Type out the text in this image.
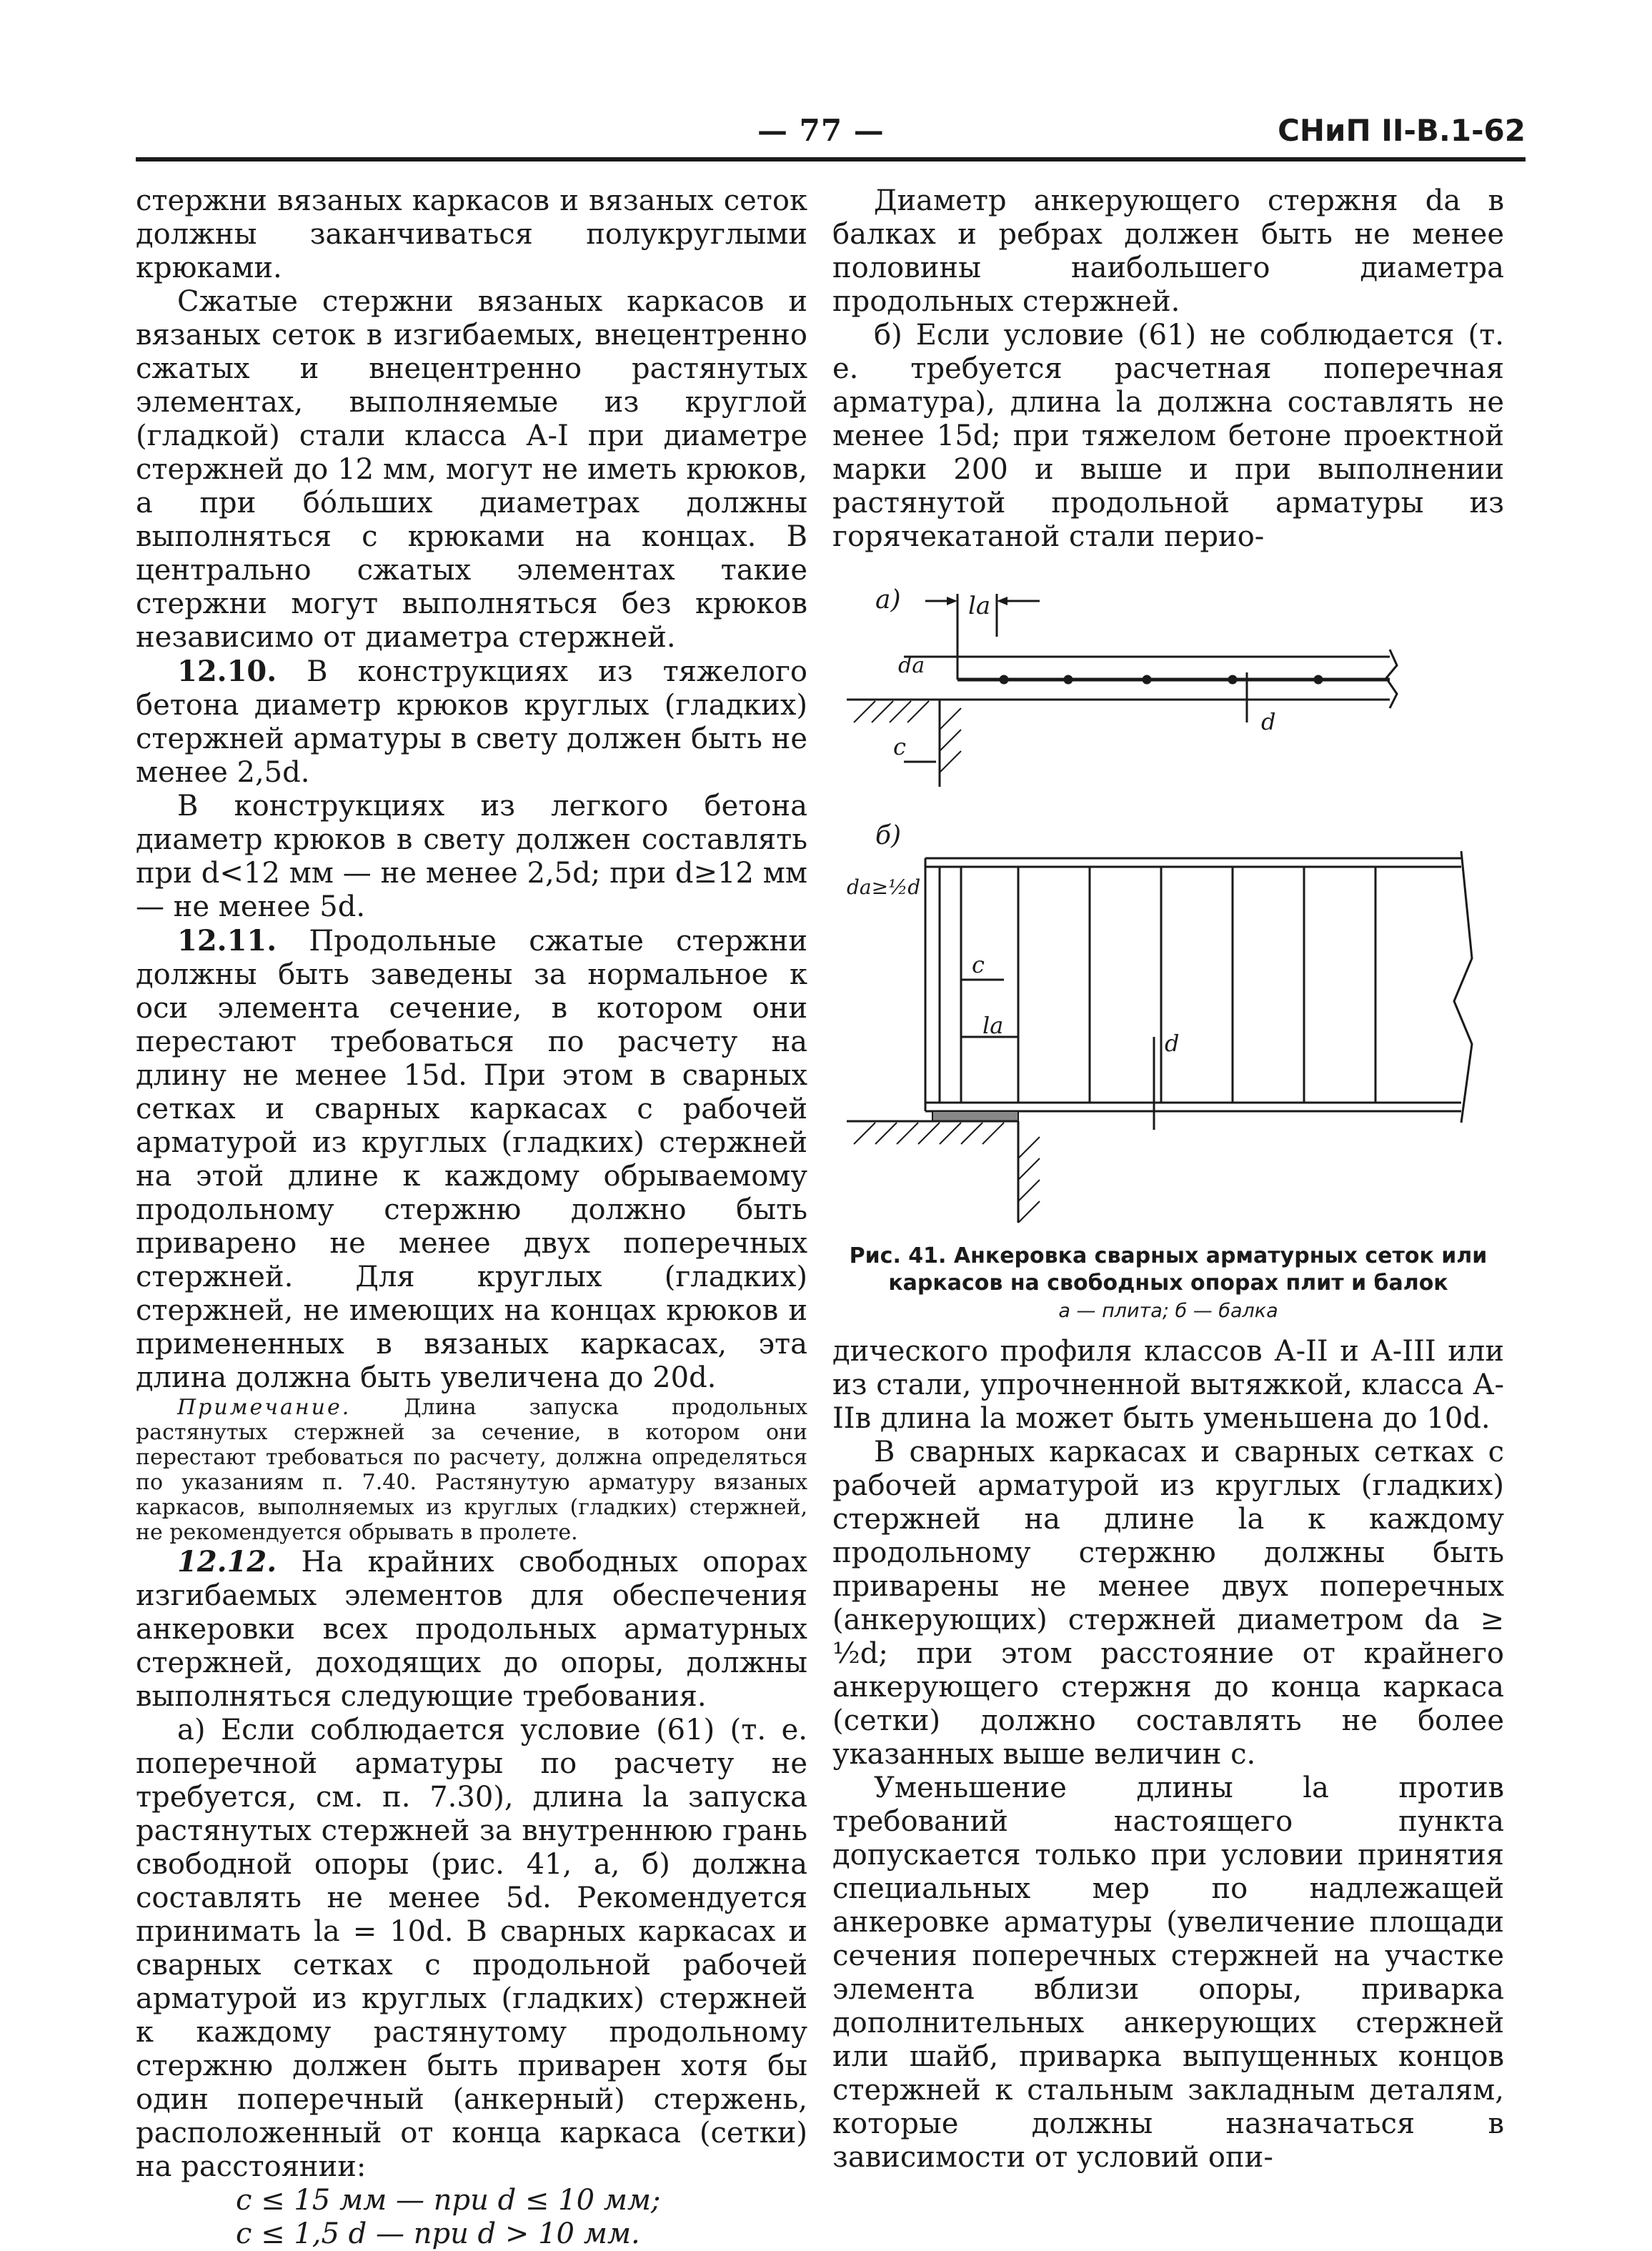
— 77 —	СНиП II-В.1-62

стержни вязаных каркасов и вязаных сеток должны заканчиваться полукруглыми крюками.

Сжатые стержни вязаных каркасов и вязаных сеток в изгибаемых, внецентренно сжатых и внецентренно растянутых элементах, выполняемые из круглой (гладкой) стали класса А-I при диаметре стержней до 12 мм, могут не иметь крюков, а при бо́льших диаметрах должны выполняться с крюками на концах. В центрально сжатых элементах такие стержни могут выполняться без крюков независимо от диаметра стержней.

12.10. В конструкциях из тяжелого бетона диаметр крюков круглых (гладких) стержней арматуры в свету должен быть не менее 2,5d.

В конструкциях из легкого бетона диаметр крюков в свету должен составлять при d<12 мм — не менее 2,5d; при d≥12 мм — не менее 5d.

12.11. Продольные сжатые стержни должны быть заведены за нормальное к оси элемента сечение, в котором они перестают требоваться по расчету на длину не менее 15d. При этом в сварных сетках и сварных каркасах с рабочей арматурой из круглых (гладких) стержней на этой длине к каждому обрываемому продольному стержню должно быть приварено не менее двух поперечных стержней. Для круглых (гладких) стержней, не имеющих на концах крюков и примененных в вязаных каркасах, эта длина должна быть увеличена до 20d.

Примечание. Длина запуска продольных растянутых стержней за сечение, в котором они перестают требоваться по расчету, должна определяться по указаниям п. 7.40. Растянутую арматуру вязаных каркасов, выполняемых из круглых (гладких) стержней, не рекомендуется обрывать в пролете.

12.12. На крайних свободных опорах изгибаемых элементов для обеспечения анкеровки всех продольных арматурных стержней, доходящих до опоры, должны выполняться следующие требования.

а) Если соблюдается условие (61) (т. е. поперечной арматуры по расчету не требуется, см. п. 7.30), длина lа запуска растянутых стержней за внутреннюю грань свободной опоры (рис. 41, а, б) должна составлять не менее 5d. Рекомендуется принимать lа = 10d. В сварных каркасах и сварных сетках с продольной рабочей арматурой из круглых (гладких) стержней к каждому растянутому продольному стержню должен быть приварен хотя бы один поперечный (анкерный) стержень, расположенный от конца каркаса (сетки) на расстоянии:

c ≤ 15 мм — при d ≤ 10 мм;
c ≤ 1,5 d — при d > 10 мм.

Диаметр анкерующего стержня dа в балках и ребрах должен быть не менее половины наибольшего диаметра продольных стержней.

б) Если условие (61) не соблюдается (т. е. требуется расчетная поперечная арматура), длина lа должна составлять не менее 15d; при тяжелом бетоне проектной марки 200 и выше и при выполнении растянутой продольной арматуры из горячекатаной стали перио-

а)	la
da
d
c
б)
da≥½d
c
la
d
Рис. 41. Анкеровка сварных арматурных сеток или каркасов на свободных опорах плит и балок
а — плита; б — балка

дического профиля классов А-II и А-III или из стали, упрочненной вытяжкой, класса А-IIв длина lа может быть уменьшена до 10d.

В сварных каркасах и сварных сетках с рабочей арматурой из круглых (гладких) стержней на длине lа к каждому продольному стержню должны быть приварены не менее двух поперечных (анкерующих) стержней диаметром dа ≥ ½d; при этом расстояние от крайнего анкерующего стержня до конца каркаса (сетки) должно составлять не более указанных выше величин c.

Уменьшение длины lа против требований настоящего пункта допускается только при условии принятия специальных мер по надлежащей анкеровке арматуры (увеличение площади сечения поперечных стержней на участке элемента вблизи опоры, приварка дополнительных анкерующих стержней или шайб, приварка выпущенных концов стержней к стальным закладным деталям, которые должны назначаться в зависимости от условий опи-
